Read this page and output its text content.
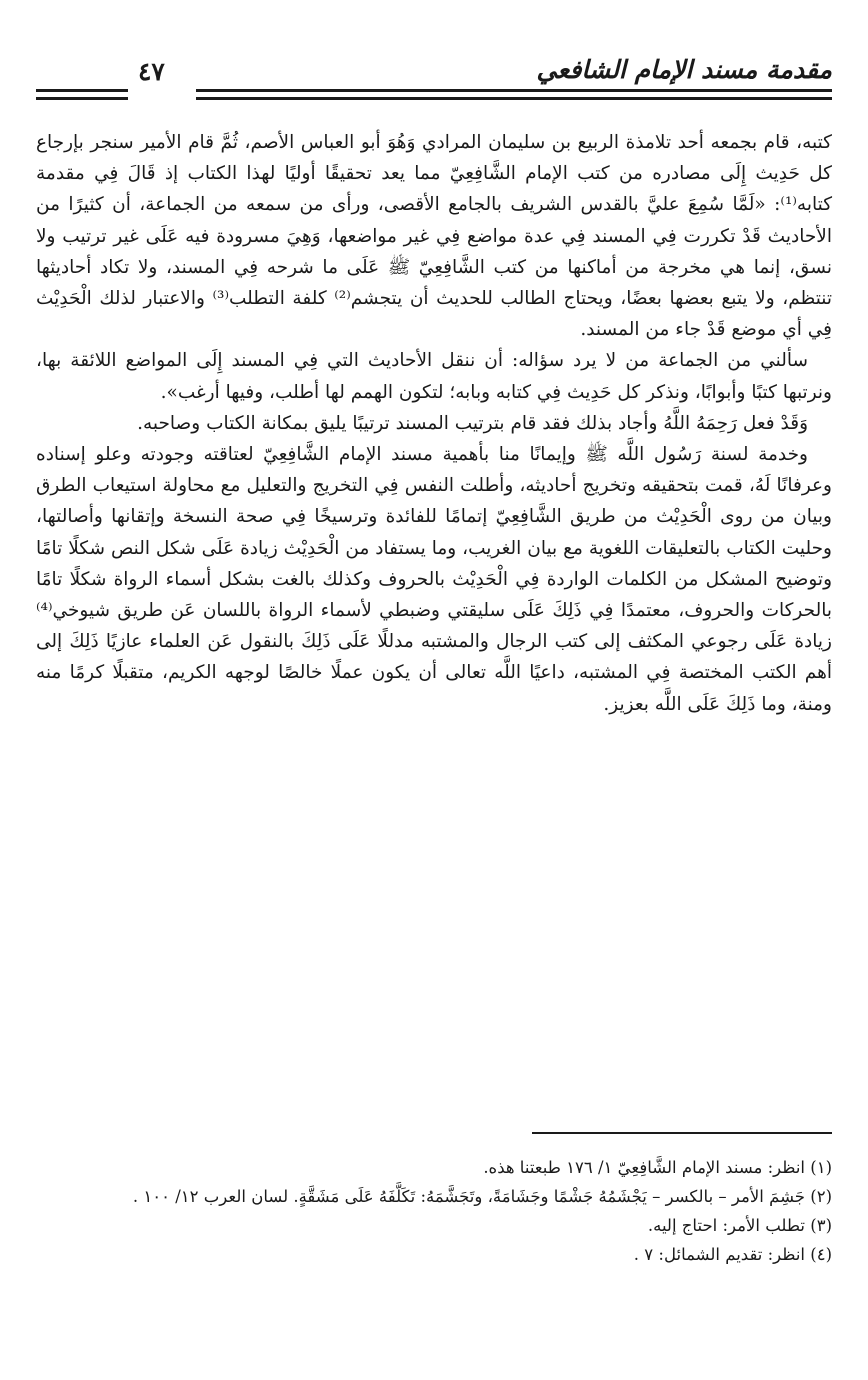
مقدمة مسند الإمام الشافعي
٤٧

كتبه، قام بجمعه أحد تلامذة الربيع بن سليمان المرادي وَهُوَ أبو العباس الأصم، ثُمَّ قام الأمير سنجر بإرجاع كل حَدِيث إِلَى مصادره من كتب الإمام الشَّافِعِيّ مما يعد تحقيقًا أوليًا لهذا الكتاب إذ قَالَ فِي مقدمة كتابه⁽¹⁾: «لَمَّا سُمِعَ عليَّ بالقدس الشريف بالجامع الأقصى، ورأى من سمعه من الجماعة، أن كثيرًا من الأحاديث قَدْ تكررت فِي المسند فِي عدة مواضع فِي غير مواضعها، وَهِيَ مسرودة فيه عَلَى غير ترتيب ولا نسق، إنما هي مخرجة من أماكنها من كتب الشَّافِعِيّ ﷺ عَلَى ما شرحه فِي المسند، ولا تكاد أحاديثها تنتظم، ولا يتبع بعضها بعضًا، ويحتاج الطالب للحديث أن يتجشم⁽²⁾ كلفة التطلب⁽³⁾ والاعتبار لذلك الْحَدِيْث فِي أي موضع قَدْ جاء من المسند.

سألني من الجماعة من لا يرد سؤاله: أن ننقل الأحاديث التي فِي المسند إِلَى المواضع اللائقة بها، ونرتبها كتبًا وأبوابًا، ونذكر كل حَدِيث فِي كتابه وبابه؛ لتكون الهمم لها أطلب، وفيها أرغب».

وَقَدْ فعل رَحِمَهُ اللَّهُ وأجاد بذلك فقد قام بترتيب المسند ترتيبًا يليق بمكانة الكتاب وصاحبه.

وخدمة لسنة رَسُول اللَّه ﷺ وإيمانًا منا بأهمية مسند الإمام الشَّافِعِيّ لعتاقته وجودته وعلو إسناده وعرفانًا لَهُ، قمت بتحقيقه وتخريج أحاديثه، وأطلت النفس فِي التخريج والتعليل مع محاولة استيعاب الطرق وبيان من روى الْحَدِيْث من طريق الشَّافِعِيّ إتمامًا للفائدة وترسيخًا فِي صحة النسخة وإتقانها وأصالتها، وحليت الكتاب بالتعليقات اللغوية مع بيان الغريب، وما يستفاد من الْحَدِيْث زيادة عَلَى شكل النص شكلًا تامًا وتوضيح المشكل من الكلمات الواردة فِي الْحَدِيْث بالحروف وكذلك بالغت بشكل أسماء الرواة شكلًا تامًا بالحركات والحروف، معتمدًا فِي ذَلِكَ عَلَى سليقتي وضبطي لأسماء الرواة باللسان عَن طريق شيوخي⁽⁴⁾ زيادة عَلَى رجوعي المكثف إلى كتب الرجال والمشتبه مدللًا عَلَى ذَلِكَ بالنقول عَن العلماء عازيًا ذَلِكَ إلى أهم الكتب المختصة فِي المشتبه، داعيًا اللَّه تعالى أن يكون عملًا خالصًا لوجهه الكريم، متقبلًا كرمًا منه ومنة، وما ذَلِكَ عَلَى اللَّه بعزيز.

(١) انظر: مسند الإمام الشَّافِعِيّ ١/ ١٧٦ طبعتنا هذه.
(٢) جَشِمَ الأمر – بالكسر – يَجْشَمُهُ جَشْمًا وجَشَامَةً، وتَجَشَّمَهُ: تَكَلَّفَهُ عَلَى مَشَقَّةٍ. لسان العرب ١٢/ ١٠٠ .
(٣) تطلب الأمر: احتاج إليه.
(٤) انظر: تقديم الشمائل: ٧ .
